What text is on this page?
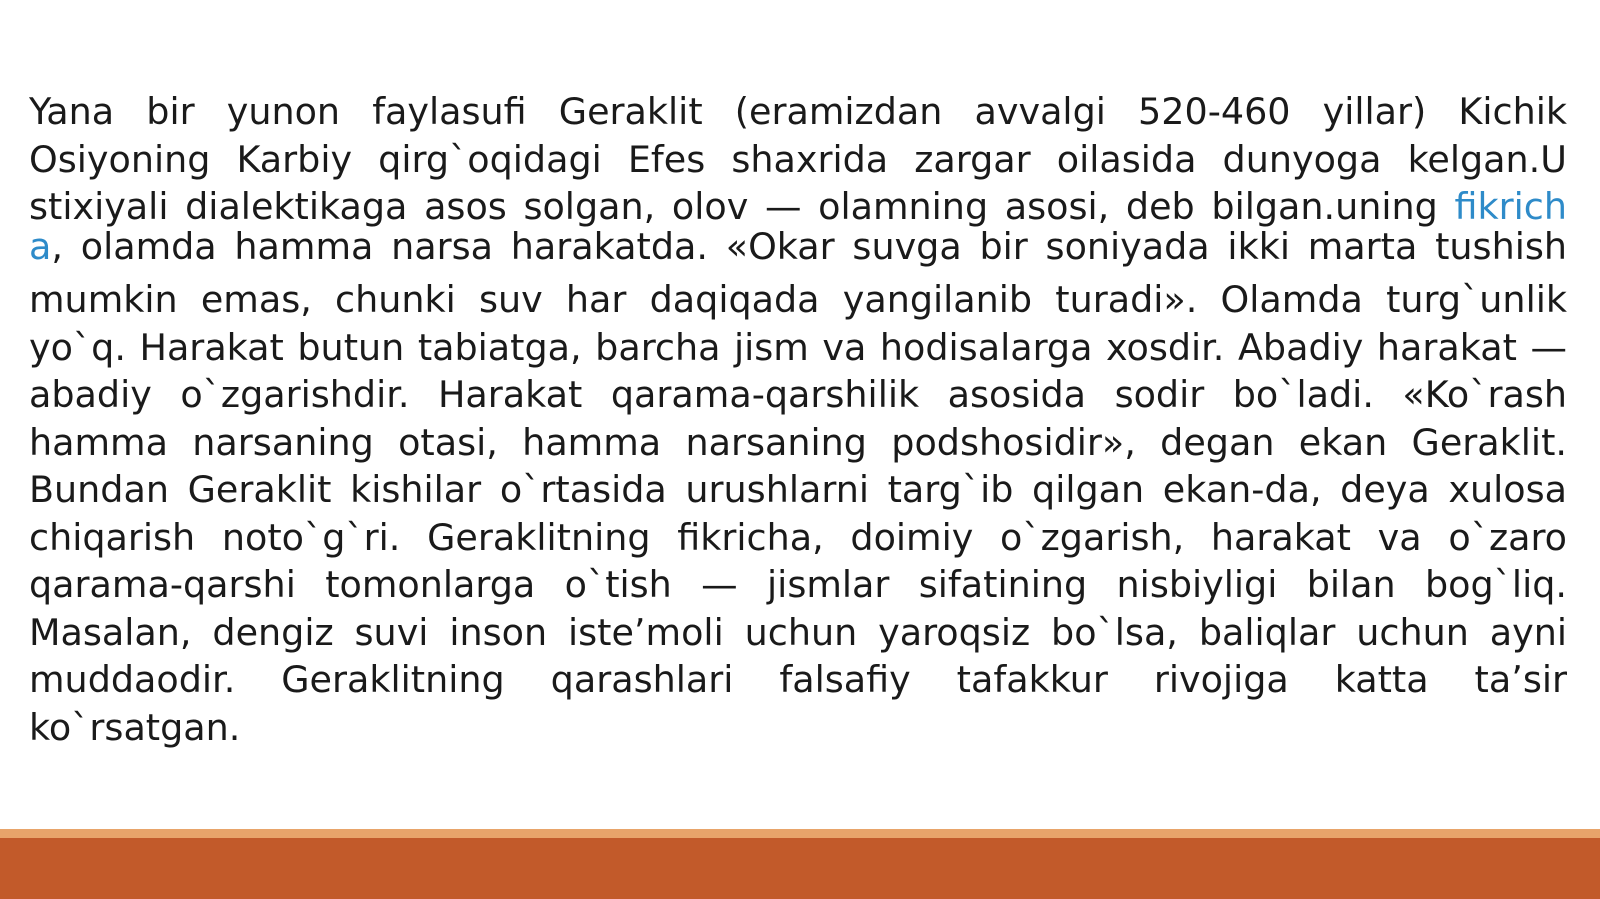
Yana bir yunon faylasufi Geraklit (eramizdan avvalgi 520-460 yillar) Kichik
Osiyoning Karbiy qirg`oqidagi Efes shaxrida zargar oilasida dunyoga kelgan.U
stixiyali dialektikaga asos solgan, olov — olamning asosi, deb bilgan.uning fikrich
a, olamda hamma narsa harakatda. «Okar suvga bir soniyada ikki marta tushish
mumkin emas, chunki suv har daqiqada yangilanib turadi». Olamda turg`unlik
yo`q. Harakat butun tabiatga, barcha jism va hodisalarga xosdir. Abadiy harakat —
abadiy o`zgarishdir. Harakat qarama-qarshilik asosida sodir bo`ladi. «Ko`rash
hamma narsaning otasi, hamma narsaning podshosidir», degan ekan Geraklit.
Bundan Geraklit kishilar o`rtasida urushlarni targ`ib qilgan ekan-da, deya xulosa
chiqarish noto`g`ri. Geraklitning fikricha, doimiy o`zgarish, harakat va o`zaro
qarama-qarshi tomonlarga o`tish — jismlar sifatining nisbiyligi bilan bog`liq.
Masalan, dengiz suvi inson iste’moli uchun yaroqsiz bo`lsa, baliqlar uchun ayni
muddaodir. Geraklitning qarashlari falsafiy tafakkur rivojiga katta ta’sir
ko`rsatgan.
